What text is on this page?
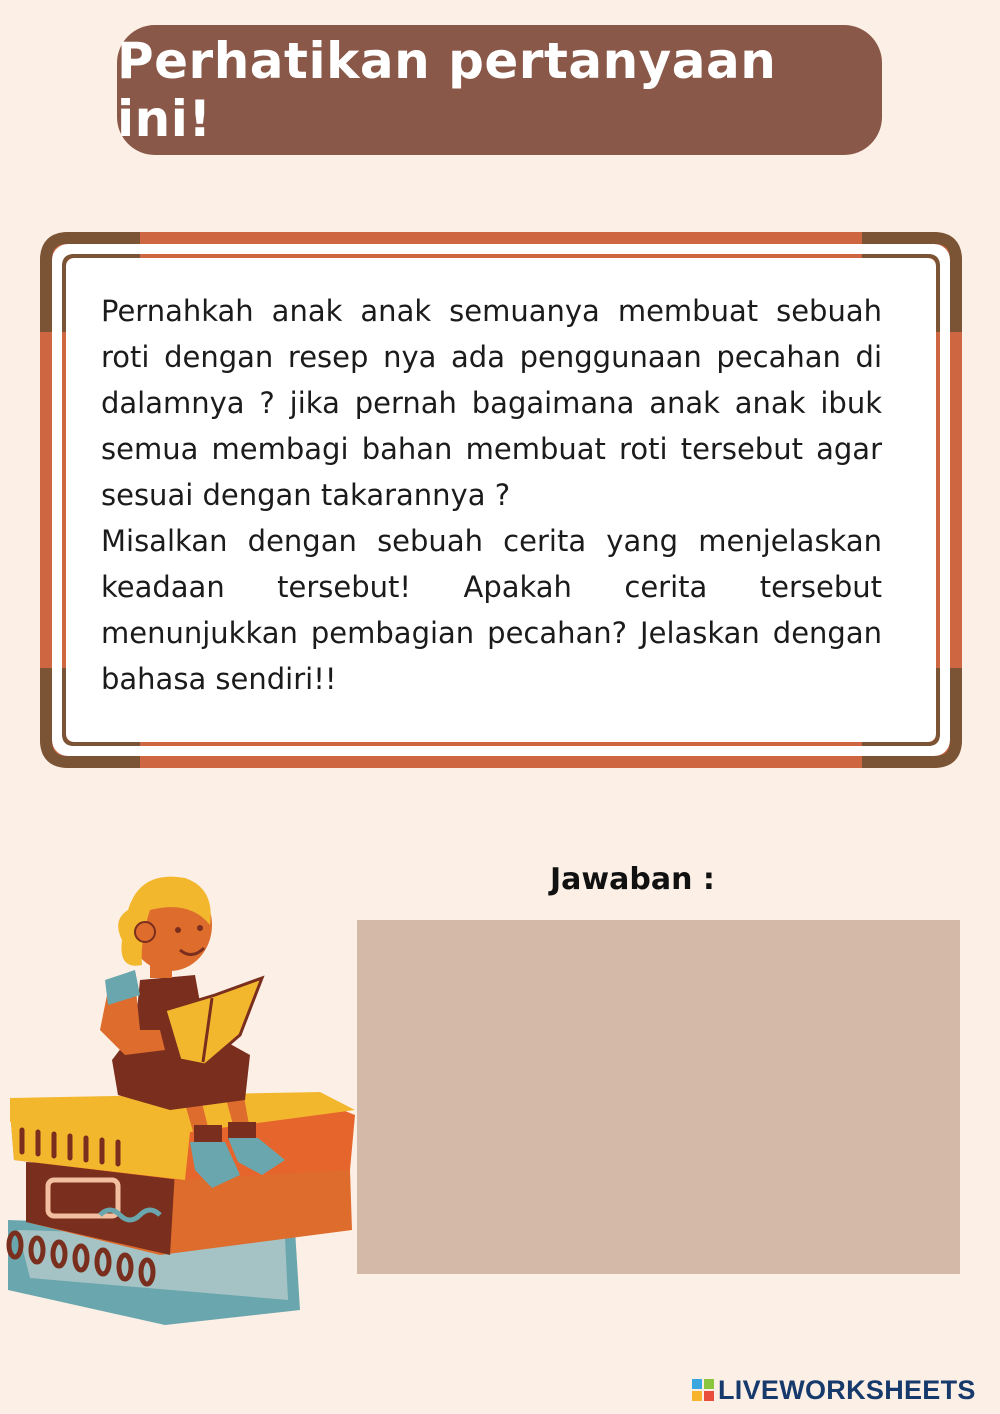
Perhatikan pertanyaan ini!

Pernahkah anak anak semuanya membuat sebuah roti dengan resep nya ada penggunaan pecahan di dalamnya ? jika pernah bagaimana anak anak ibuk semua membagi bahan membuat roti tersebut agar sesuai dengan takarannya ?

Misalkan dengan sebuah cerita yang menjelaskan keadaan tersebut! Apakah cerita tersebut menunjukkan pembagian pecahan? Jelaskan dengan bahasa sendiri!!

Jawaban :
LIVEWORKSHEETS
